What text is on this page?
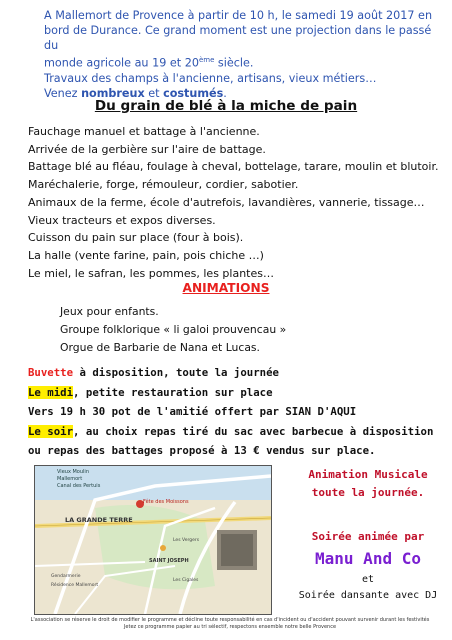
A Mallemort de Provence à partir de 10 h, le samedi 19 août 2017 en
bord de Durance. Ce grand moment est une projection dans le passé du
monde agricole au 19 et 20ème siècle.
Travaux des champs à l'ancienne, artisans, vieux métiers…
Venez nombreux et costumés.
Du grain de blé à la miche de pain
Fauchage manuel et battage à l'ancienne.
Arrivée de la gerbière sur l'aire de battage.
Battage blé au fléau, foulage à cheval, bottelage, tarare, moulin et blutoir.
Maréchalerie, forge, rémouleur, cordier, sabotier.
Animaux de la ferme, école d'autrefois, lavandières, vannerie, tissage…
Vieux tracteurs et expos diverses.
Cuisson du pain sur place (four à bois).
La halle (vente farine, pain, pois chiche …)
Le miel, le safran, les pommes, les plantes…
ANIMATIONS
Jeux pour enfants.
Groupe folklorique « li galoi prouvencau »
Orgue de Barbarie de Nana et Lucas.
Buvette à disposition, toute la journée
Le midi, petite restauration sur place
Vers 19 h 30 pot de l'amitié offert par SIAN D'AQUI
Le soir, au choix repas tiré du sac avec barbecue à disposition
ou repas des battages proposé à 13 € vendus sur place.
Vieux Moulin
Mallemort
Canal des Pertuis
LA GRANDE TERRE
Fête des Moissons
SAINT JOSEPH
Les Vergers
Les Cigales
Gendarmerie
Résidence Mallemort
Animation Musicale
toute la journée.
Soirée animée par
Manu And Co
et
Soirée dansante avec DJ
L'association se réserve le droit de modifier le programme et décline toute responsabilité en cas d'incident ou d'accident pouvant survenir durant les festivités
Jetez ce programme papier au tri sélectif, respectons ensemble notre belle Provence
